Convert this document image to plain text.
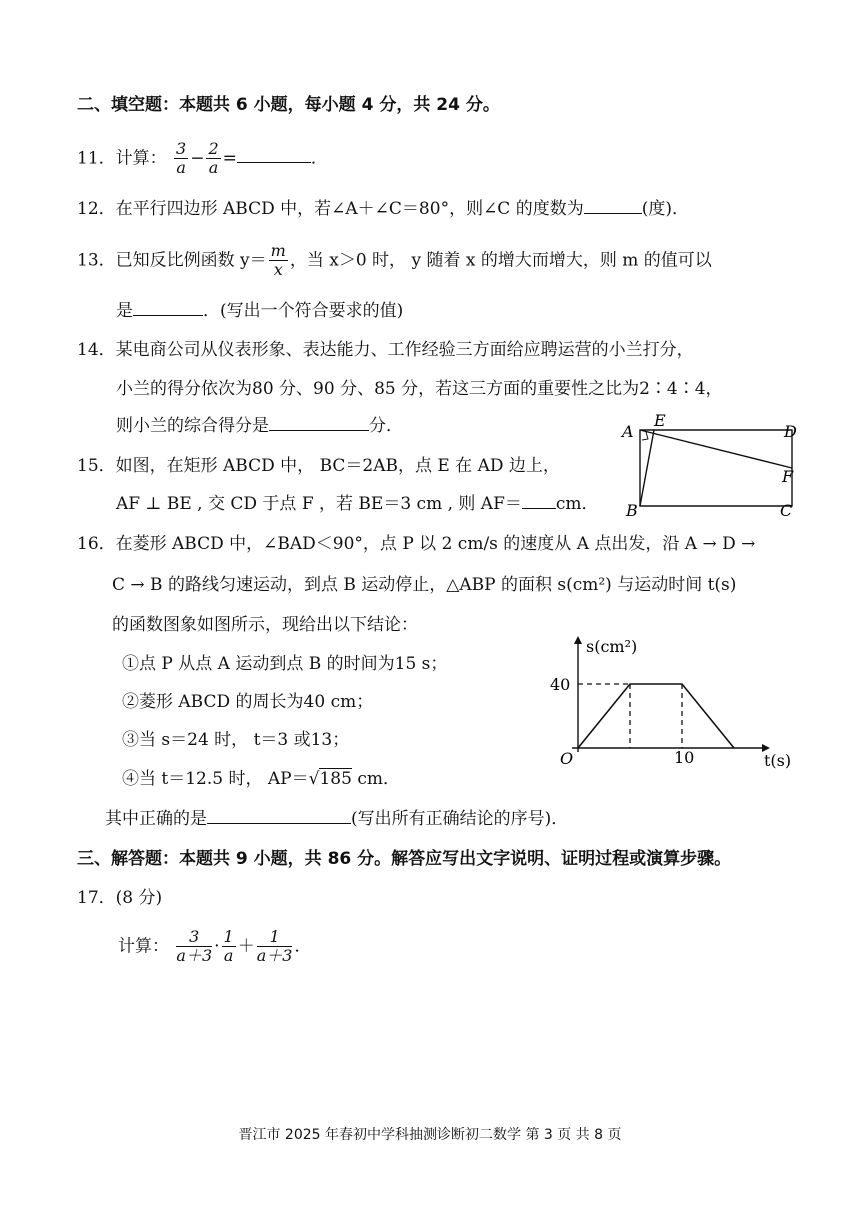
二、填空题：本题共 6 小题，每小题 4 分，共 24 分。
11．计算： $\frac{3}{a} - \frac{2}{a}$ =	．
12．在平行四边形 ABCD 中，若∠A＋∠C＝80°，则∠C 的度数为	(度)．
13．已知反比例函数 $y= \frac{m}{x}$ ，当 x＞0 时， y 随着 x 的增大而增大，则 m 的值可以
是	．(写出一个符合要求的值)
14．某电商公司从仪表形象、表达能力、工作经验三方面给应聘运营的小兰打分，
小兰的得分依次为80 分、90 分、85 分，若这三方面的重要性之比为2∶4∶4，
则小兰的综合得分是	分．
15．如图，在矩形 ABCD 中， BC＝2AB，点 E 在 AD 边上，
AF ⊥ BE , 交 CD 于点 F ，若 BE＝3 cm , 则 AF＝ cm．
A
E
D
F
B	C
16．在菱形 ABCD 中，∠BAD＜90°，点 P 以 2 cm/s 的速度从 A 点出发，沿 A → D →
C → B 的路线匀速运动，到点 B 运动停止，△ABP 的面积 s(cm²) 与运动时间 t(s)
的函数图象如图所示，现给出以下结论：
①点 P 从点 A 运动到点 B 的时间为15 s；
②菱形 ABCD 的周长为40 cm；
③当 s＝24 时， t＝3 或13；
④当 t＝12.5 时， AP＝√185 cm．
其中正确的是	(写出所有正确结论的序号)．
s(cm²)
t(s)
O
40
10
三、解答题：本题共 9 小题，共 86 分。解答应写出文字说明、证明过程或演算步骤。
17．(8 分)
计算： $\frac{3}{a+3} \cdot \frac{1}{a} + \frac{1}{a+3}$ ．
晋江市 2025 年春初中学科抽测诊断初二数学 第 3 页 共 8 页
